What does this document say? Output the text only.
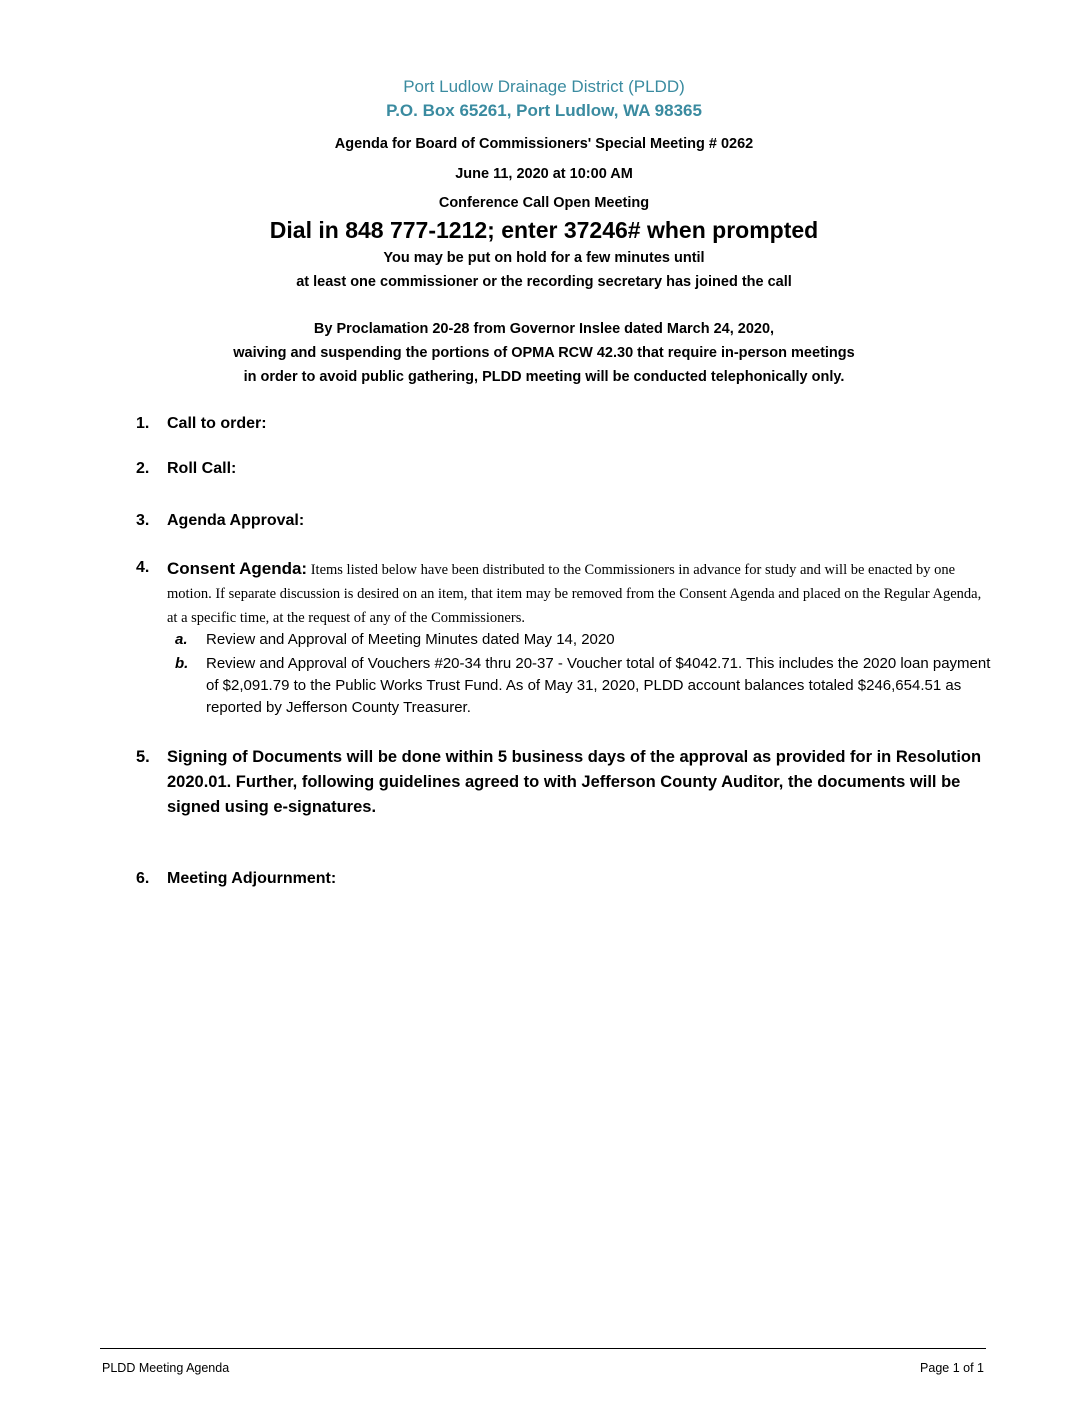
Port Ludlow Drainage District (PLDD)
P.O. Box 65261, Port Ludlow, WA 98365
Agenda for Board of Commissioners' Special Meeting # 0262
June 11, 2020 at 10:00 AM
Conference Call Open Meeting
Dial in 848 777-1212; enter 37246# when prompted
You may be put on hold for a few minutes until
at least one commissioner or the recording secretary has joined the call
By Proclamation 20-28 from Governor Inslee dated March 24, 2020,
waiving and suspending the portions of OPMA RCW 42.30 that require in-person meetings
in order to avoid public gathering, PLDD meeting will be conducted telephonically only.
1.	Call to order:
2.	Roll Call:
3.	Agenda Approval:
4. Consent Agenda: Items listed below have been distributed to the Commissioners in advance for study and will be enacted by one motion. If separate discussion is desired on an item, that item may be removed from the Consent Agenda and placed on the Regular Agenda, at a specific time, at the request of any of the Commissioners.
a. Review and Approval of Meeting Minutes dated May 14, 2020
b. Review and Approval of Vouchers #20-34 thru 20-37 - Voucher total of $4042.71. This includes the 2020 loan payment of $2,091.79 to the Public Works Trust Fund. As of May 31, 2020, PLDD account balances totaled $246,654.51 as reported by Jefferson County Treasurer.
5. Signing of Documents will be done within 5 business days of the approval as provided for in Resolution 2020.01. Further, following guidelines agreed to with Jefferson County Auditor, the documents will be signed using e-signatures.
6.	Meeting Adjournment:
PLDD Meeting Agenda	Page 1 of 1
